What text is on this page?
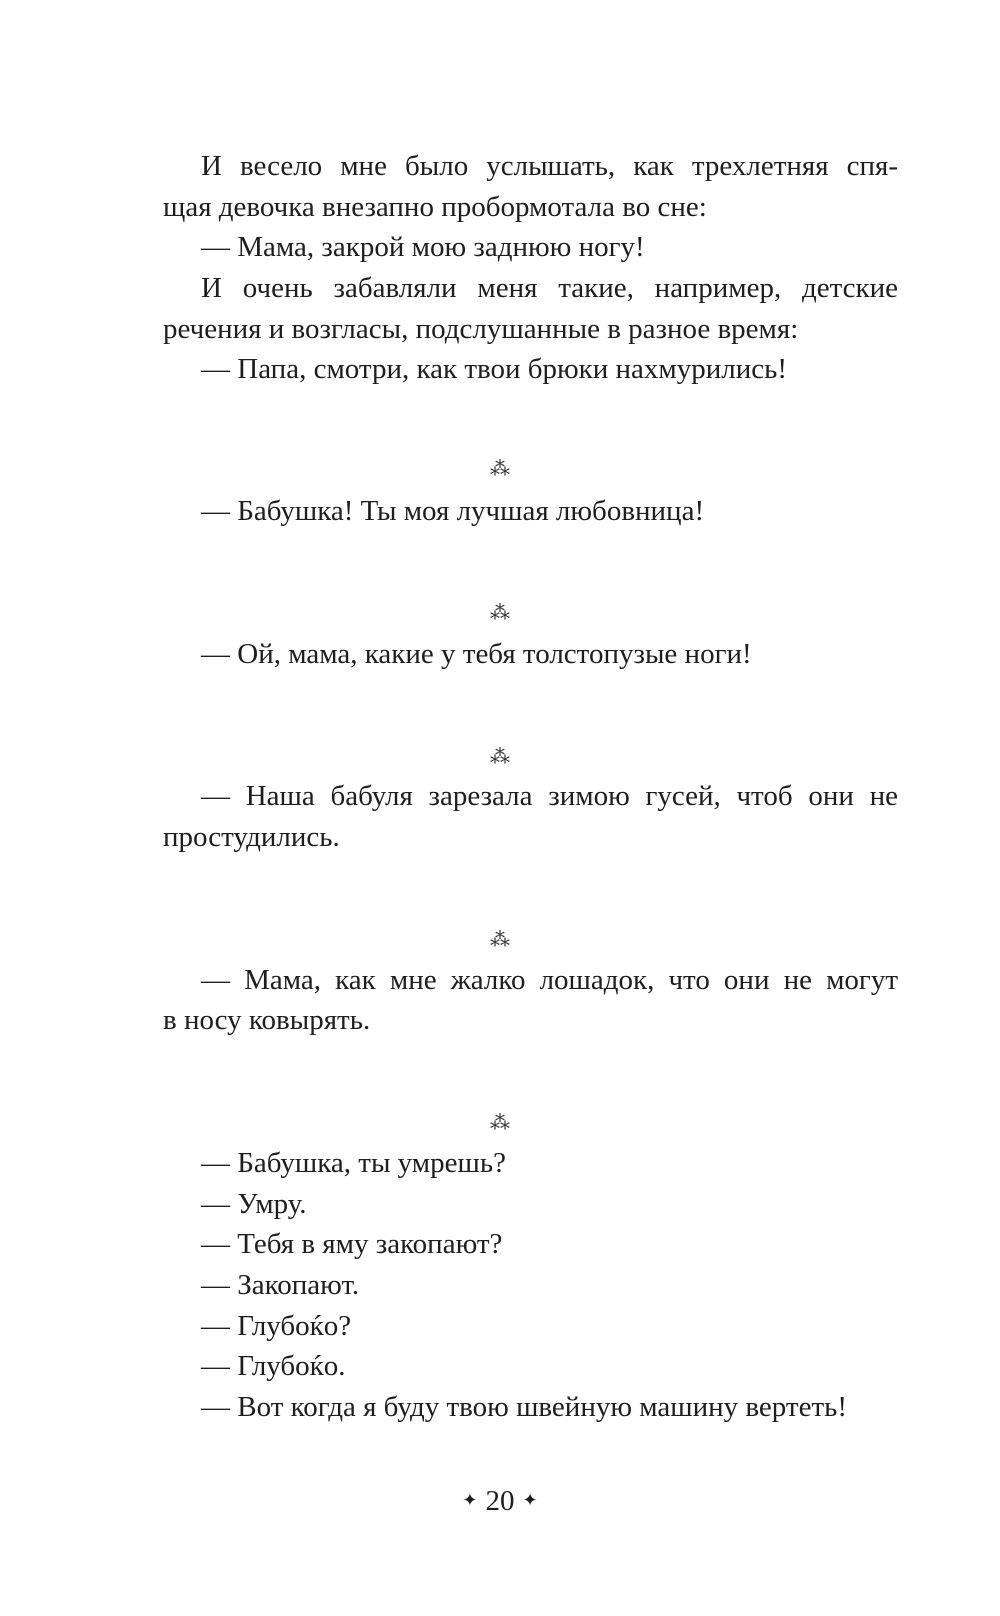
И весело мне было услышать, как трехлетняя спя-
щая девочка внезапно пробормотала во сне:
— Мама, закрой мою заднюю ногу!
И очень забавляли меня такие, например, детские
речения и возгласы, подслушанные в разное время:
— Папа, смотри, как твои брюки нахмурились!
⁂
— Бабушка! Ты моя лучшая любовница!
⁂
— Ой, мама, какие у тебя толстопузые ноги!
⁂
— Наша бабуля зарезала зимою гусей, чтоб они не
простудились.
⁂
— Мама, как мне жалко лошадок, что они не могут
в носу ковырять.
⁂
— Бабушка, ты умрешь?
— Умру.
— Тебя в яму закопают?
— Закопают.
— Глубоќо?
— Глубоќо.
— Вот когда я буду твою швейную машину вертеть!
✦ 20 ✦
